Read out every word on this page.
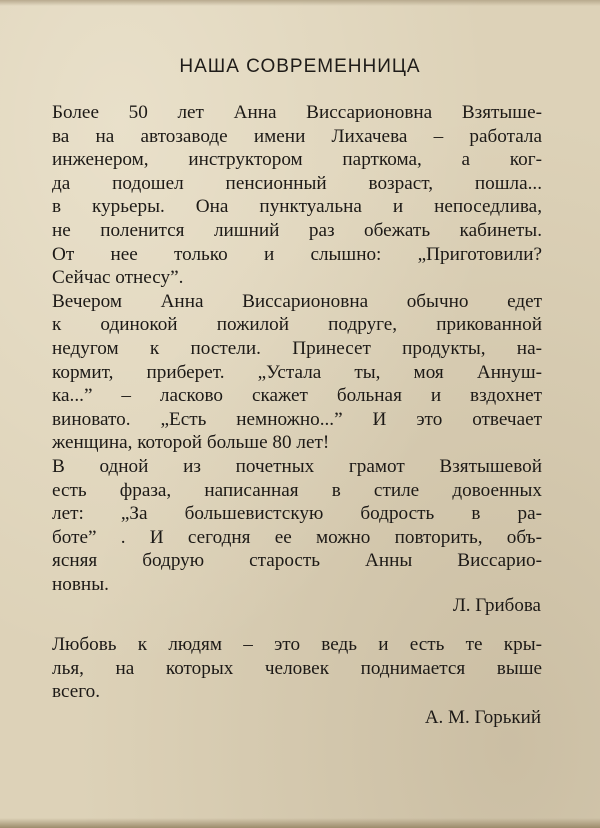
НАША СОВРЕМЕННИЦА
Более 50 лет Анна Виссарионовна Взятыше-
ва на автозаводе имени Лихачева – работала
инженером, инструктором парткома, а ког-
да подошел пенсионный возраст, пошла...
в курьеры. Она пунктуальна и непоседлива,
не поленится лишний раз обежать кабинеты.
От нее только и слышно: „Приготовили?
Сейчас отнесу”.
Вечером Анна Виссарионовна обычно едет
к одинокой пожилой подруге, прикованной
недугом к постели. Принесет продукты, на-
кормит, приберет. „Устала ты, моя Аннуш-
ка...” – ласково скажет больная и вздохнет
виновато. „Есть немножно...” И это отвечает
женщина, которой больше 80 лет!
В одной из почетных грамот Взятышевой
есть фраза, написанная в стиле довоенных
лет: „За большевистскую бодрость в ра-
боте” . И сегодня ее можно повторить, объ-
ясняя бодрую старость Анны Виссарио-
новны.
Л. Грибова
Любовь к людям – это ведь и есть те кры-
лья, на которых человек поднимается выше
всего.
А. М. Горький
